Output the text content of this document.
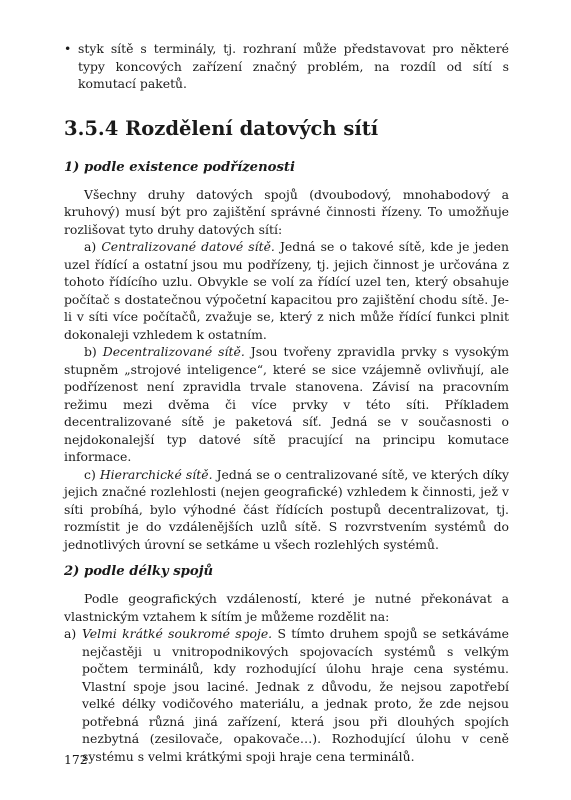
• styk sítě s terminály, tj. rozhraní může představovat pro některé typy koncových zařízení značný problém, na rozdíl od sítí s komutací paketů.
3.5.4 Rozdělení datových sítí
1) podle existence podřízenosti

Všechny druhy datových spojů (dvoubodový, mnohabodový a kruhový) musí být pro zajištění správné činnosti řízeny. To umožňuje rozlišovat tyto druhy datových sítí:

a) Centralizované datové sítě. Jedná se o takové sítě, kde je jeden uzel řídící a ostatní jsou mu podřízeny, tj. jejich činnost je určována z tohoto řídícího uzlu. Obvykle se volí za řídící uzel ten, který obsahuje počítač s dostatečnou výpočetní kapacitou pro zajištění chodu sítě. Je-li v síti více počítačů, zvažuje se, který z nich může řídící funkci plnit dokonaleji vzhledem k ostatním.

b) Decentralizované sítě. Jsou tvořeny zpravidla prvky s vysokým stupněm „strojové inteligence“, které se sice vzájemně ovlivňují, ale podřízenost není zpravidla trvale stanovena. Závisí na pracovním režimu mezi dvěma či více prvky v této síti. Příkladem decentralizované sítě je paketová síť. Jedná se v současnosti o nejdokonalejší typ datové sítě pracující na principu komutace informace.

c) Hierarchické sítě. Jedná se o centralizované sítě, ve kterých díky jejich značné rozlehlosti (nejen geografické) vzhledem k činnosti, jež v síti probíhá, bylo výhodné část řídících postupů decentralizovat, tj. rozmístit je do vzdálenějších uzlů sítě. S rozvrstvením systémů do jednotlivých úrovní se setkáme u všech rozlehlých systémů.

2) podle délky spojů

Podle geografických vzdáleností, které je nutné překonávat a vlastnickým vztahem k sítím je můžeme rozdělit na:

a) Velmi krátké soukromé spoje. S tímto druhem spojů se setkáváme nejčastěji u vnitropodnikových spojovacích systémů s velkým počtem terminálů, kdy rozhodující úlohu hraje cena systému. Vlastní spoje jsou laciné. Jednak z důvodu, že nejsou zapotřebí velké délky vodičového materiálu, a jednak proto, že zde nejsou potřebná různá jiná zařízení, která jsou při dlouhých spojích nezbytná (zesilovače, opakovače…). Rozhodující úlohu v ceně systému s velmi krátkými spoji hraje cena terminálů.
172
